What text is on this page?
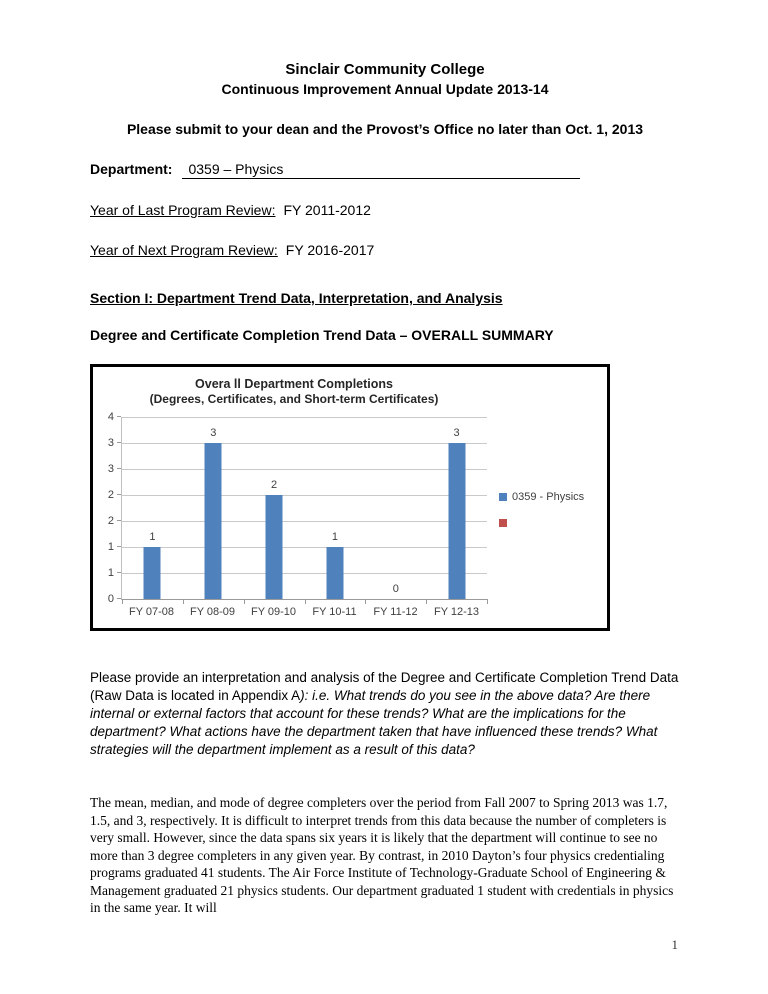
Sinclair Community College
Continuous Improvement Annual Update 2013-14
Please submit to your dean and the Provost’s Office no later than Oct. 1, 2013
Department: 0359 – Physics
Year of Last Program Review: FY 2011-2012
Year of Next Program Review: FY 2016-2017
Section I: Department Trend Data, Interpretation, and Analysis
Degree and Certificate Completion Trend Data – OVERALL SUMMARY
Overa ll Department Completions
(Degrees, Certificates, and Short-term Certificates)
0
1
1
2
2
3
3
4
1
3
2
1
0
3
0359 - Physics
FY 07-08	FY 08-09	FY 09-10	FY 10-11	FY 11-12	FY 12-13

Please provide an interpretation and analysis of the Degree and Certificate Completion Trend Data (Raw Data is located in Appendix A): i.e. What trends do you see in the above data? Are there internal or external factors that account for these trends? What are the implications for the department? What actions have the department taken that have influenced these trends? What strategies will the department implement as a result of this data?

The mean, median, and mode of degree completers over the period from Fall 2007 to Spring 2013 was 1.7, 1.5, and 3, respectively. It is difficult to interpret trends from this data because the number of completers is very small. However, since the data spans six years it is likely that the department will continue to see no more than 3 degree completers in any given year. By contrast, in 2010 Dayton’s four physics credentialing programs graduated 41 students. The Air Force Institute of Technology-Graduate School of Engineering & Management graduated 21 physics students. Our department graduated 1 student with credentials in physics in the same year. It will

1
